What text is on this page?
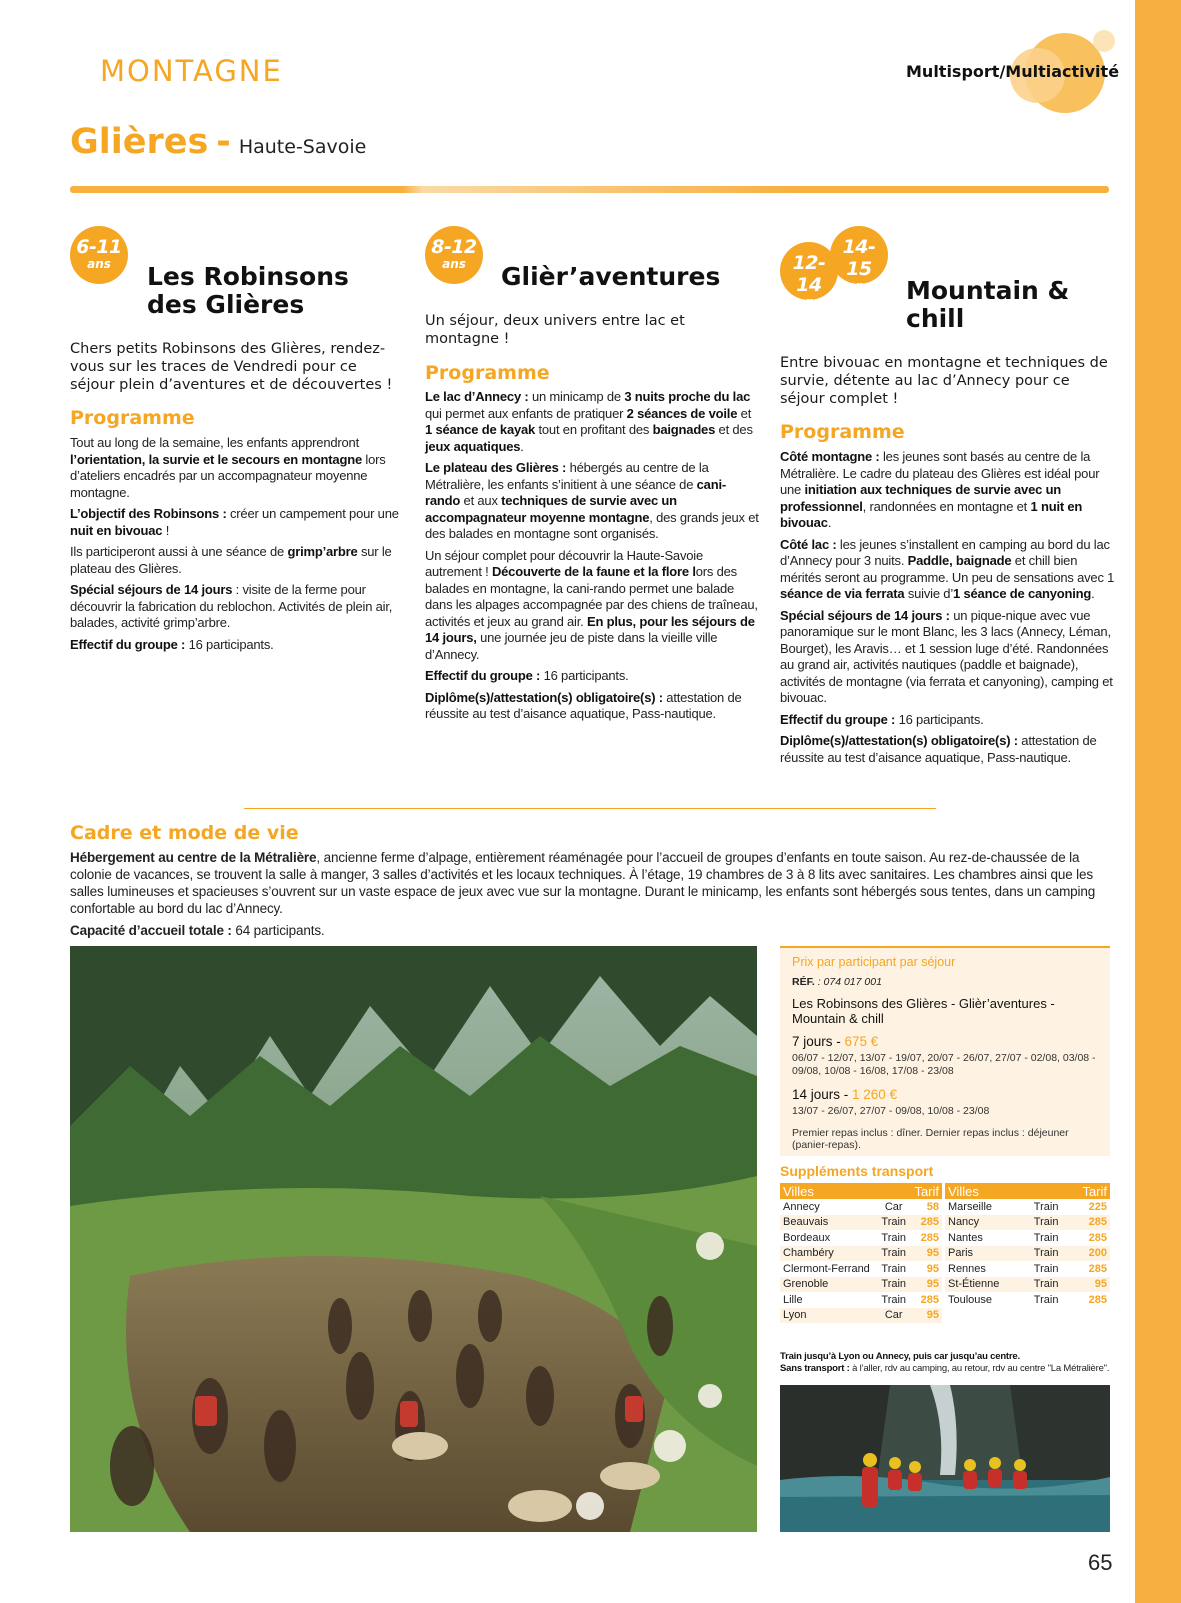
MONTAGNE	Multisport/Multiactivité
Glières - Haute-Savoie
6-11
ans	Les Robinsons des Glières
Chers petits Robinsons des Glières, rendez-vous sur les traces de Vendredi pour ce séjour plein d’aventures et de découvertes !
Programme

Tout au long de la semaine, les enfants apprendront l’orientation, la survie et le secours en montagne lors d’ateliers encadrés par un accompagnateur moyenne montagne.

L’objectif des Robinsons : créer un campement pour une nuit en bivouac !

Ils participeront aussi à une séance de grimp’arbre sur le plateau des Glières.

Spécial séjours de 14 jours : visite de la ferme pour découvrir la fabrication du reblochon. Activités de plein air, balades, activité grimp’arbre.

Effectif du groupe : 16 participants.

8-12
ans	Glièr’aventures
Un séjour, deux univers entre lac et montagne !
Programme

Le lac d’Annecy : un minicamp de 3 nuits proche du lac qui permet aux enfants de pratiquer 2 séances de voile et 1 séance de kayak tout en profitant des baignades et des jeux aquatiques.

Le plateau des Glières : hébergés au centre de la Métralière, les enfants s’initient à une séance de cani-rando et aux techniques de survie avec un accompagnateur moyenne montagne, des grands jeux et des balades en montagne sont organisés.

Un séjour complet pour découvrir la Haute-Savoie autrement ! Découverte de la faune et la flore lors des balades en montagne, la cani-rando permet une balade dans les alpages accompagnée par des chiens de traîneau, activités et jeux au grand air. En plus, pour les séjours de 14 jours, une journée jeu de piste dans la vieille ville d’Annecy.

Effectif du groupe : 16 participants.

Diplôme(s)/attestation(s) obligatoire(s) : attestation de réussite au test d’aisance aquatique, Pass-nautique.

12-14
ans
14-15
ans	Mountain & chill
Entre bivouac en montagne et techniques de survie, détente au lac d’Annecy pour ce séjour complet !
Programme

Côté montagne : les jeunes sont basés au centre de la Métralière. Le cadre du plateau des Glières est idéal pour une initiation aux techniques de survie avec un professionnel, randonnées en montagne et 1 nuit en bivouac.

Côté lac : les jeunes s’installent en camping au bord du lac d’Annecy pour 3 nuits. Paddle, baignade et chill bien mérités seront au programme. Un peu de sensations avec 1 séance de via ferrata suivie d’1 séance de canyoning.

Spécial séjours de 14 jours : un pique-nique avec vue panoramique sur le mont Blanc, les 3 lacs (Annecy, Léman, Bourget), les Aravis… et 1 session luge d’été. Randonnées au grand air, activités nautiques (paddle et baignade), activités de montagne (via ferrata et canyoning), camping et bivouac.

Effectif du groupe : 16 participants.

Diplôme(s)/attestation(s) obligatoire(s) : attestation de réussite au test d’aisance aquatique, Pass-nautique.

Cadre et mode de vie

Hébergement au centre de la Métralière, ancienne ferme d’alpage, entièrement réaménagée pour l’accueil de groupes d’enfants en toute saison. Au rez-de-chaussée de la colonie de vacances, se trouvent la salle à manger, 3 salles d’activités et les locaux techniques. À l’étage, 19 chambres de 3 à 8 lits avec sanitaires. Les chambres ainsi que les salles lumineuses et spacieuses s’ouvrent sur un vaste espace de jeux avec vue sur la montagne. Durant le minicamp, les enfants sont hébergés sous tentes, dans un camping confortable au bord du lac d’Annecy.

Capacité d’accueil totale : 64 participants.

Prix par participant par séjour
RÉF. : 074 017 001
Les Robinsons des Glières - Glièr’aventures - Mountain & chill
7 jours - 675 €
06/07 - 12/07, 13/07 - 19/07, 20/07 - 26/07, 27/07 - 02/08, 03/08 - 09/08, 10/08 - 16/08, 17/08 - 23/08
14 jours - 1 260 €
13/07 - 26/07, 27/07 - 09/08, 10/08 - 23/08
Premier repas inclus : dîner. Dernier repas inclus : déjeuner (panier-repas).
Suppléments transport
Villes		Tarif
Annecy	Car	58
Beauvais	Train	285
Bordeaux	Train	285
Chambéry	Train	95
Clermont-Ferrand	Train	95
Grenoble	Train	95
Lille	Train	285
Lyon	Car	95
Villes		Tarif
Marseille	Train	225
Nancy	Train	285
Nantes	Train	285
Paris	Train	200
Rennes	Train	285
St-Étienne	Train	95
Toulouse	Train	285
Train jusqu’à Lyon ou Annecy, puis car jusqu’au centre.
Sans transport : à l’aller, rdv au camping, au retour, rdv au centre "La Métralière".
65
